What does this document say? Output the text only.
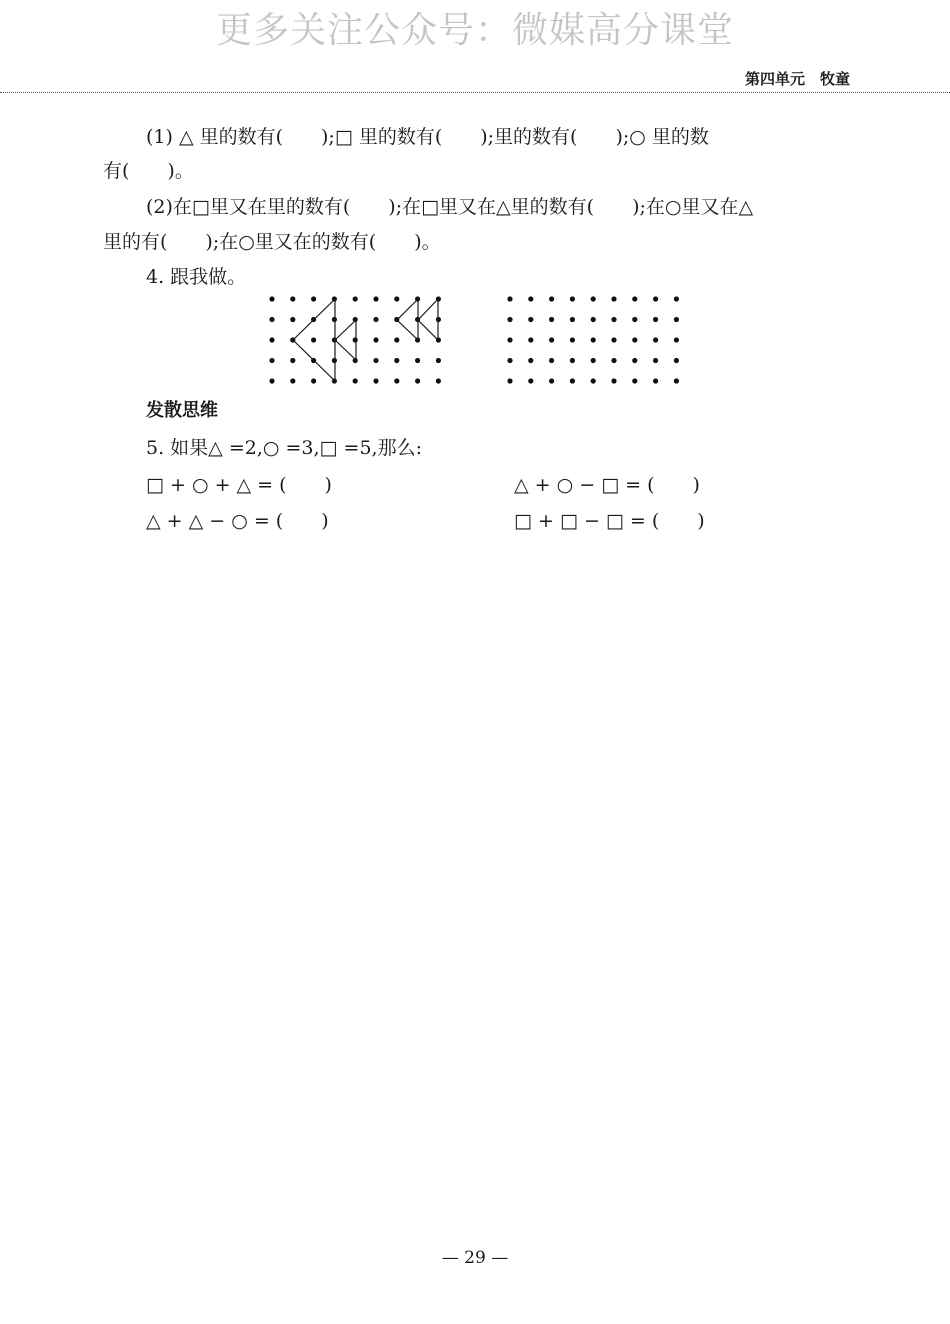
更多关注公众号：微媒高分课堂
第四单元　牧童
(1) △ 里的数有(　　);□ 里的数有(　　);里的数有(　　);○ 里的数
有(　　)。
(2)在□里又在里的数有(　　);在□里又在△里的数有(　　);在○里又在△
里的有(　　);在○里又在的数有(　　)。
4. 跟我做。
发散思维
5. 如果△ =2,○ =3,□ =5,那么:
□ + ○ + △ = (　　)	△ + ○ − □ = (　　)
△ + △ − ○ = (　　)	□ + □ − □ = (　　)
— 29 —
